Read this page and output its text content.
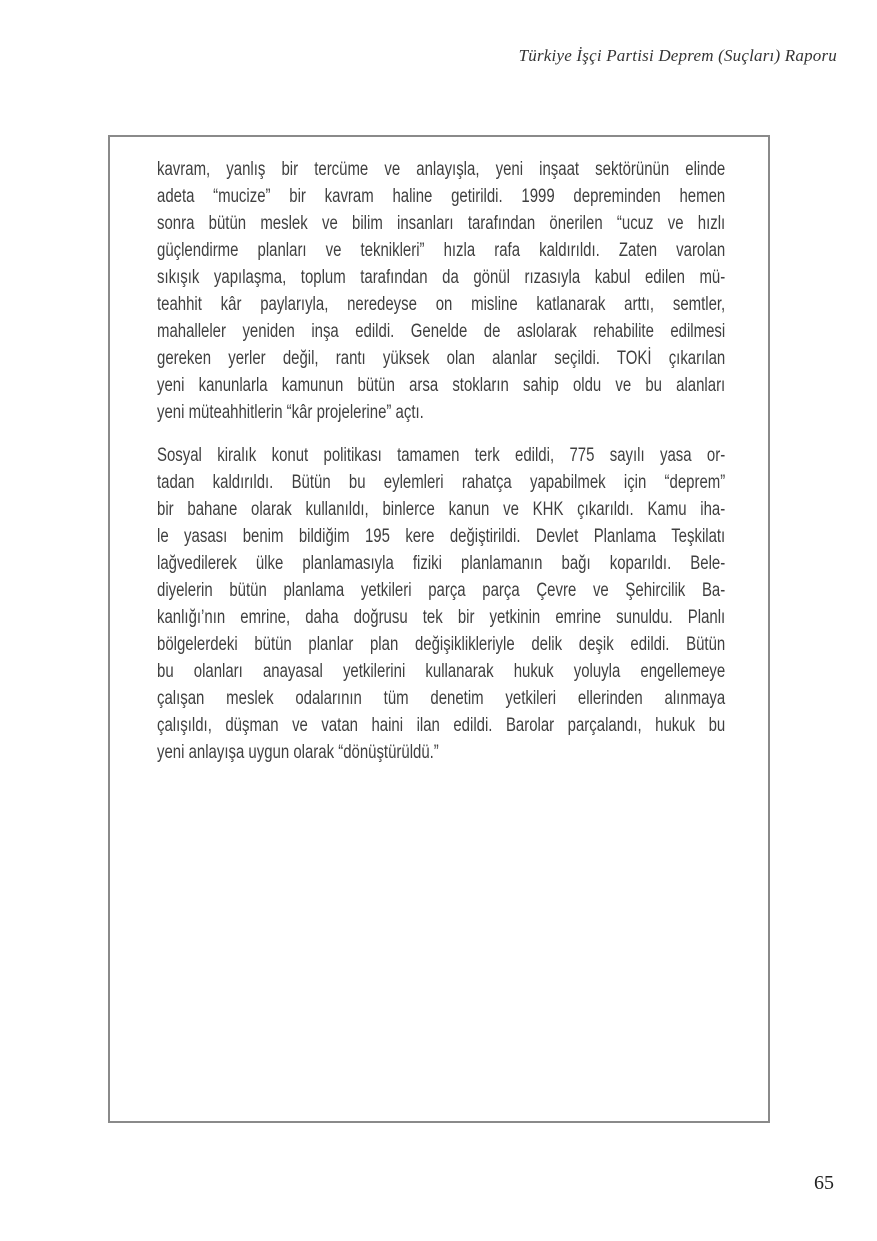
Türkiye İşçi Partisi Deprem (Suçları) Raporu
kavram, yanlış bir tercüme ve anlayışla, yeni inşaat sektörünün elinde
adeta “mucize” bir kavram haline getirildi. 1999 depreminden hemen
sonra bütün meslek ve bilim insanları tarafından önerilen “ucuz ve hızlı
güçlendirme planları ve teknikleri” hızla rafa kaldırıldı. Zaten varolan
sıkışık yapılaşma, toplum tarafından da gönül rızasıyla kabul edilen mü-
teahhit kâr paylarıyla, neredeyse on misline katlanarak arttı, semtler,
mahalleler yeniden inşa edildi. Genelde de aslolarak rehabilite edilmesi
gereken yerler değil, rantı yüksek olan alanlar seçildi. TOKİ çıkarılan
yeni kanunlarla kamunun bütün arsa stokların sahip oldu ve bu alanları
yeni müteahhitlerin “kâr projelerine” açtı.
Sosyal kiralık konut politikası tamamen terk edildi, 775 sayılı yasa or-
tadan kaldırıldı. Bütün bu eylemleri rahatça yapabilmek için “deprem”
bir bahane olarak kullanıldı, binlerce kanun ve KHK çıkarıldı. Kamu iha-
le yasası benim bildiğim 195 kere değiştirildi. Devlet Planlama Teşkilatı
lağvedilerek ülke planlamasıyla fiziki planlamanın bağı koparıldı. Bele-
diyelerin bütün planlama yetkileri parça parça Çevre ve Şehircilik Ba-
kanlığı’nın emrine, daha doğrusu tek bir yetkinin emrine sunuldu. Planlı
bölgelerdeki bütün planlar plan değişiklikleriyle delik deşik edildi. Bütün
bu olanları anayasal yetkilerini kullanarak hukuk yoluyla engellemeye
çalışan meslek odalarının tüm denetim yetkileri ellerinden alınmaya
çalışıldı, düşman ve vatan haini ilan edildi. Barolar parçalandı, hukuk bu
yeni anlayışa uygun olarak “dönüştürüldü.”
65
